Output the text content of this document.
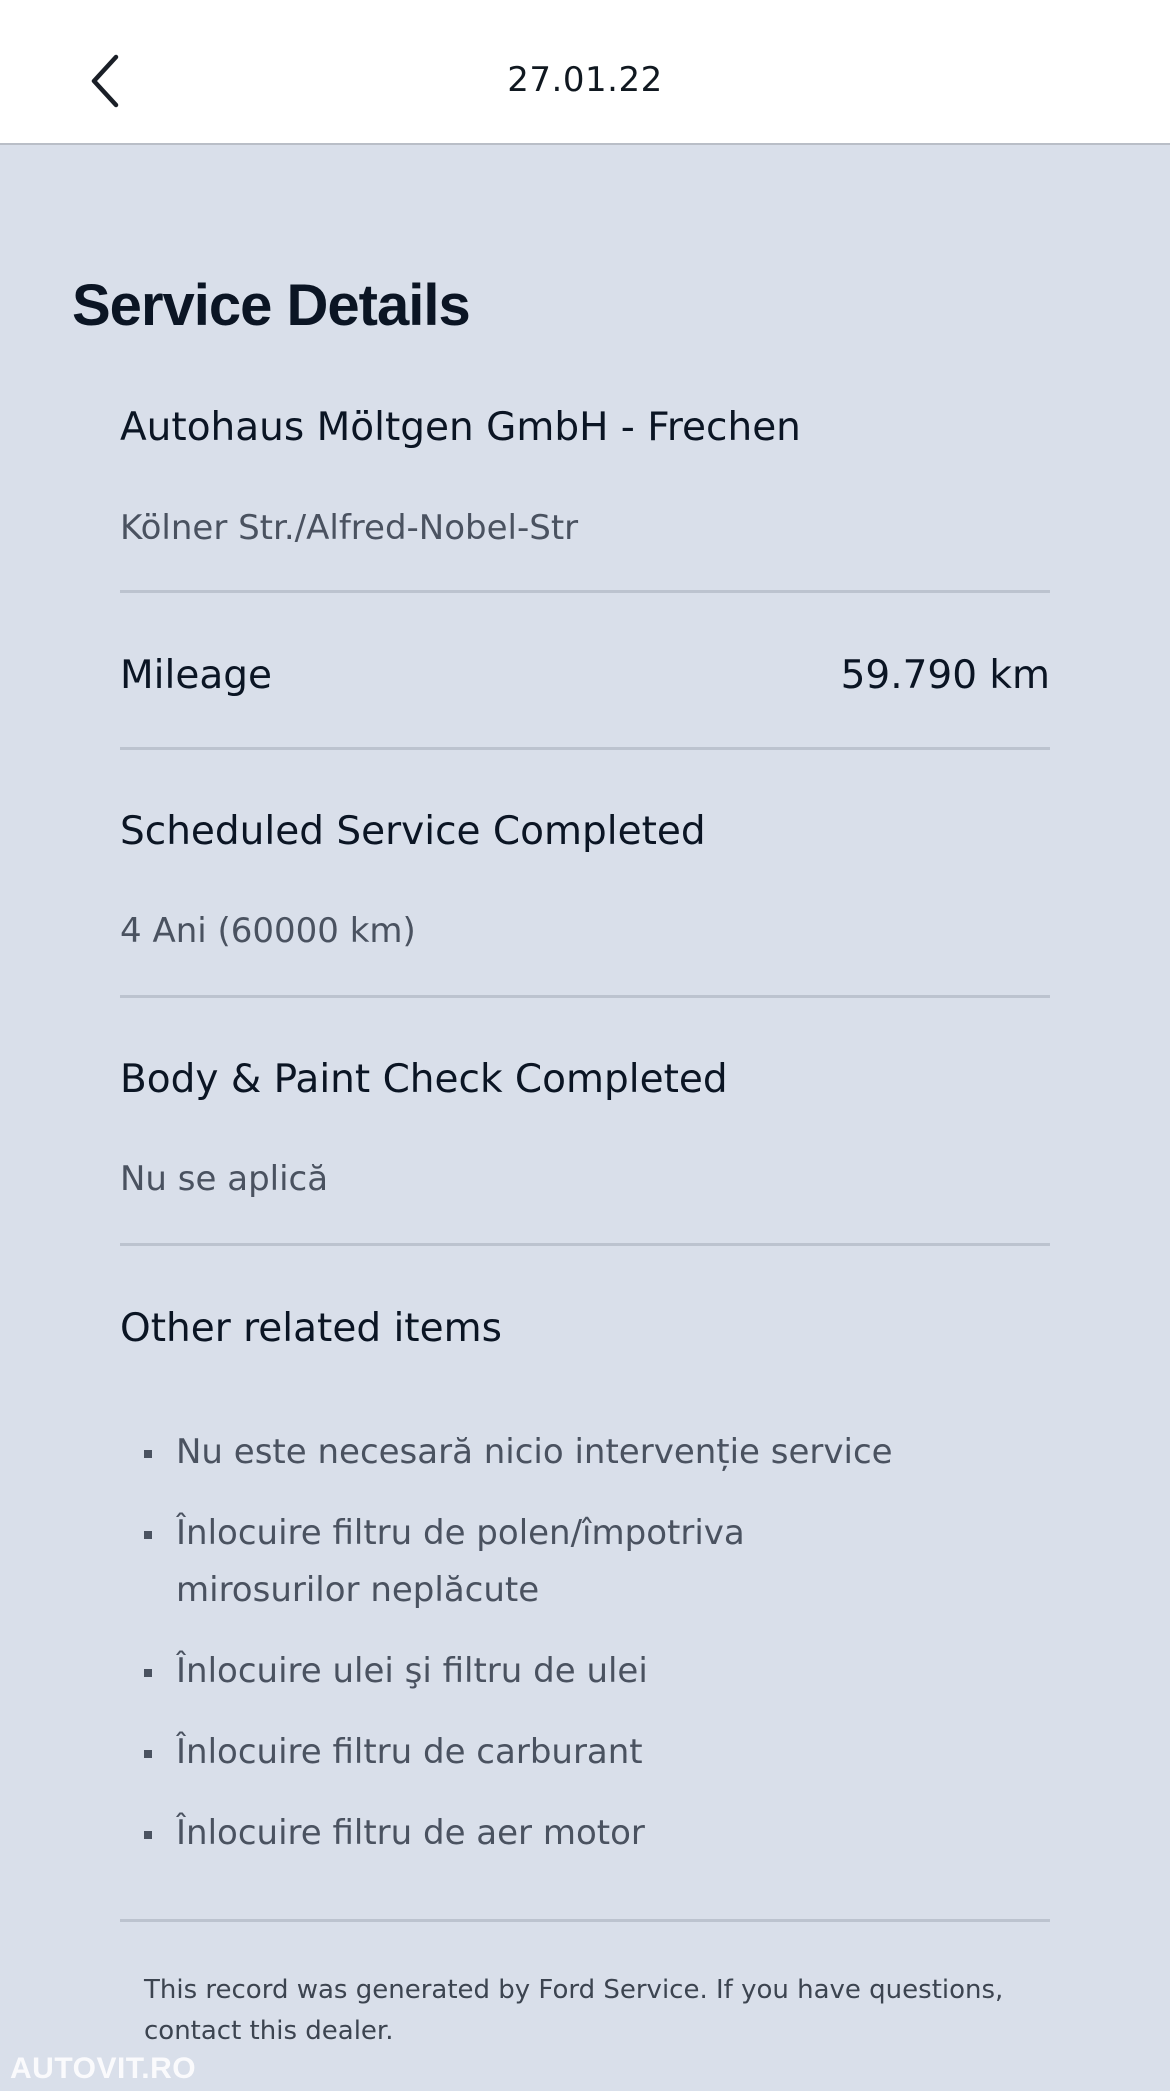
27.01.22
Service Details
Autohaus Möltgen GmbH - Frechen
Kölner Str./Alfred-Nobel-Str
Mileage	59.790 km
Scheduled Service Completed
4 Ani (60000 km)
Body & Paint Check Completed
Nu se aplică
Other related items
Nu este necesară nicio intervenție service
Înlocuire filtru de polen/împotriva mirosurilor neplăcute
Înlocuire ulei şi filtru de ulei
Înlocuire filtru de carburant
Înlocuire filtru de aer motor
This record was generated by Ford Service. If you have questions, contact this dealer.
AUTOVIT.RO
